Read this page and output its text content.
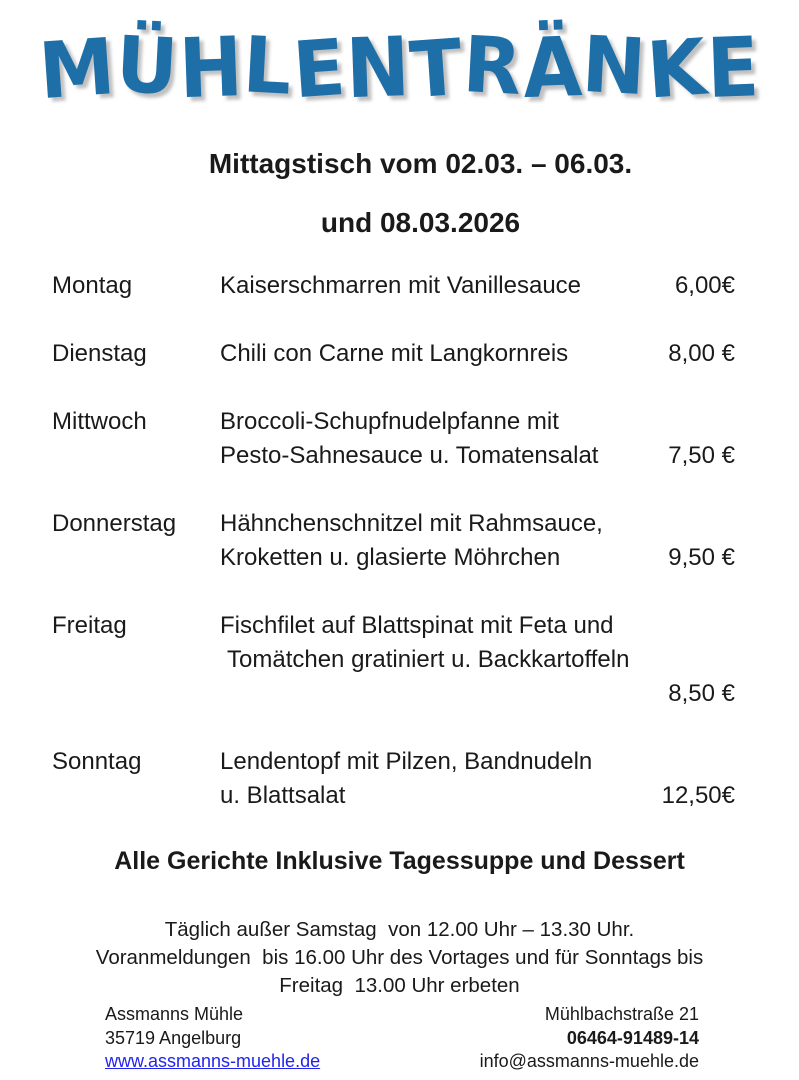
MÜHLENTRÄNKE
Mittagstisch vom 02.03. – 06.03.
und 08.03.2026
Montag	Kaiserschmarren mit Vanillesauce	6,00€
Dienstag	Chili con Carne mit Langkornreis	8,00 €
Mittwoch	Broccoli-Schupfnudelpfanne mit
Pesto-Sahnesauce u. Tomatensalat	7,50 €
Donnerstag	Hähnchenschnitzel mit Rahmsauce,
Kroketten u. glasierte Möhrchen	9,50 €
Freitag	Fischfilet auf Blattspinat mit Feta und
Tomätchen gratiniert u. Backkartoffeln

8,50 €
Sonntag	Lendentopf mit Pilzen, Bandnudeln
u. Blattsalat	12,50€
Alle Gerichte Inklusive Tagessuppe und Dessert
Täglich außer Samstag  von 12.00 Uhr – 13.30 Uhr.
Voranmeldungen  bis 16.00 Uhr des Vortages und für Sonntags bis
Freitag  13.00 Uhr erbeten
Assmanns Mühle
35719 Angelburg
www.assmanns-muehle.de
Mühlbachstraße 21
06464-91489-14
info@assmanns-muehle.de
